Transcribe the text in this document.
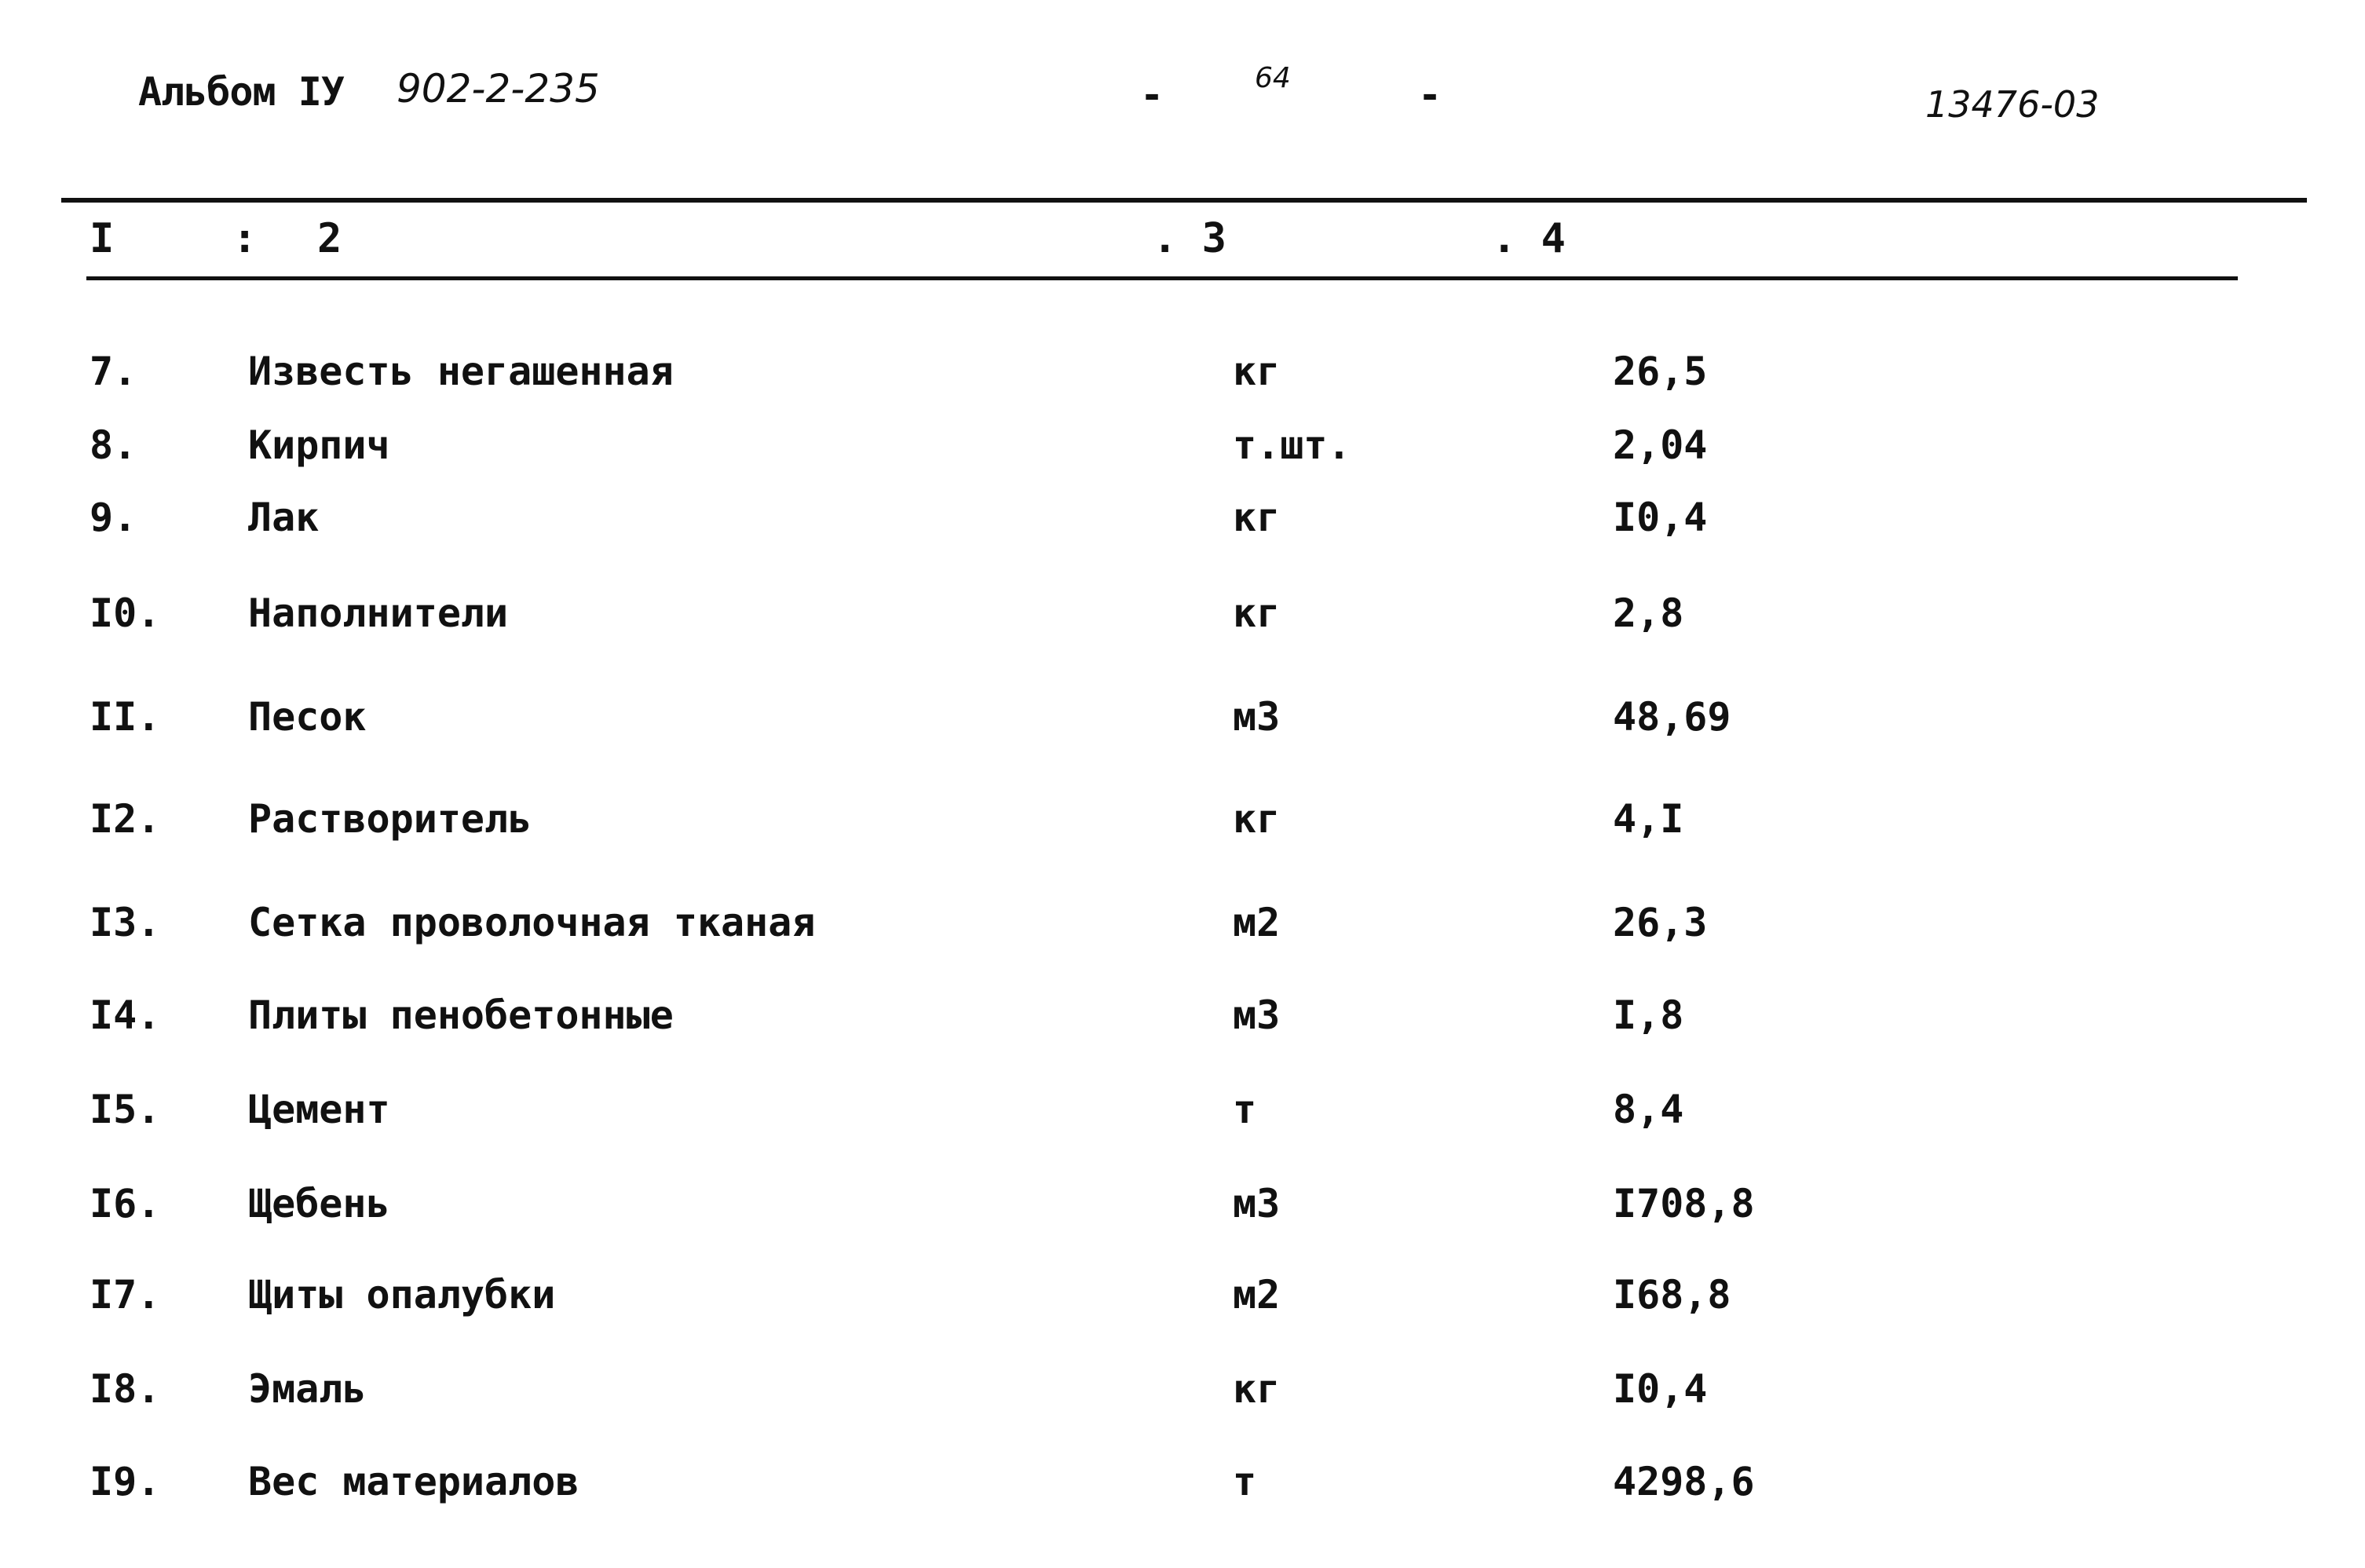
Альбом IУ 902-2-235	-	64	-	13476-03
I	: 2	. 3	. 4
7.	Известь негашенная	кг	26,5
8.	Кирпич	т.шт.	2,04
9.	Лак	кг	I0,4
I0. Наполнители	кг	2,8
II. Песок	м3	48,69
I2. Растворитель	кг	4,I
I3. Сетка проволочная тканая	м2	26,3
I4. Плиты пенобетонные	м3	I,8
I5. Цемент	т	8,4
I6. Щебень	м3	I708,8
I7. Щиты опалубки	м2	I68,8
I8. Эмаль	кг	I0,4
I9. Вес материалов	т	4298,6
